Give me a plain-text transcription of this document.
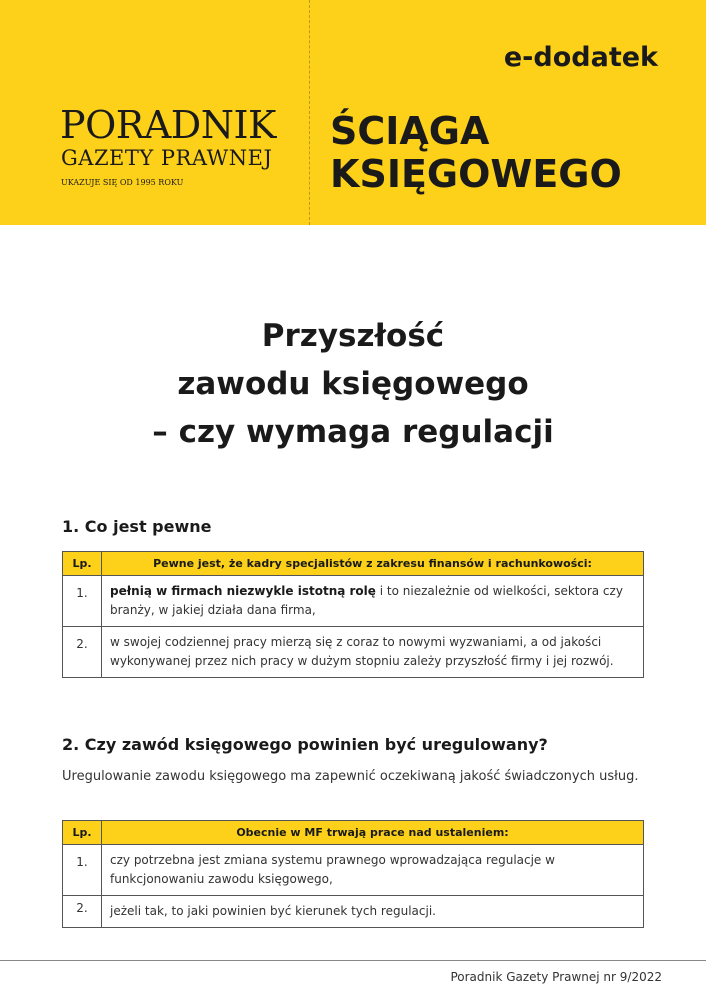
e-dodatek
PORADNIK
GAZETY PRAWNEJ
UKAZUJE SIĘ OD 1995 ROKU
ŚCIĄGA
KSIĘGOWEGO
Przyszłość
zawodu księgowego
– czy wymaga regulacji
1. Co jest pewne
Lp.	Pewne jest, że kadry specjalistów z zakresu finansów i rachunkowości:
1.	pełnią w firmach niezwykle istotną rolę i to niezależnie od wielkości, sektora czy branży, w jakiej działa dana firma,
2.	w swojej codziennej pracy mierzą się z coraz to nowymi wyzwaniami, a od jakości wykonywanej przez nich pracy w dużym stopniu zależy przyszłość firmy i jej rozwój.
2. Czy zawód księgowego powinien być uregulowany?
Uregulowanie zawodu księgowego ma zapewnić oczekiwaną jakość świadczonych usług.
Lp.	Obecnie w MF trwają prace nad ustaleniem:
1.	czy potrzebna jest zmiana systemu prawnego wprowadzająca regulacje w funkcjonowaniu zawodu księgowego,
2.	jeżeli tak, to jaki powinien być kierunek tych regulacji.
Poradnik Gazety Prawnej nr 9/2022
